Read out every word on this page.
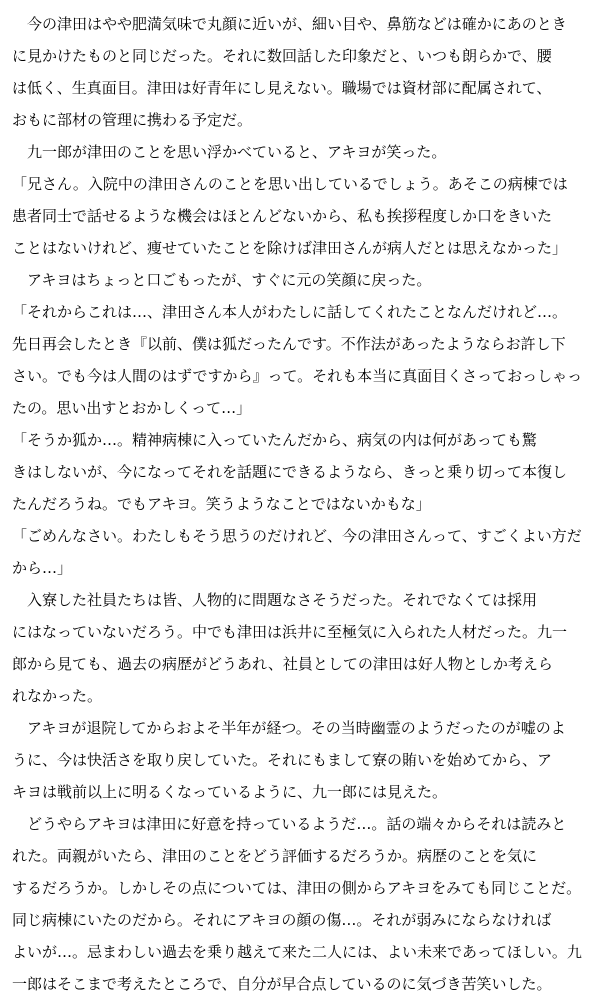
今の津田はやや肥満気味で丸顔に近いが、細い目や、鼻筋などは確かにあのとき
に見かけたものと同じだった。それに数回話した印象だと、いつも朗らかで、腰
は低く、生真面目。津田は好青年にし見えない。職場では資材部に配属されて、
おもに部材の管理に携わる予定だ。
九一郎が津田のことを思い浮かべていると、アキヨが笑った。
「兄さん。入院中の津田さんのことを思い出しているでしょう。あそこの病棟では
患者同士で話せるような機会はほとんどないから、私も挨拶程度しか口をきいた
ことはないけれど、痩せていたことを除けば津田さんが病人だとは思えなかった」
アキヨはちょっと口ごもったが、すぐに元の笑顔に戻った。
「それからこれは…、津田さん本人がわたしに話してくれたことなんだけれど…。
先日再会したとき『以前、僕は狐だったんです。不作法があったようならお許し下
さい。でも今は人間のはずですから』って。それも本当に真面目くさっておっしゃっ
たの。思い出すとおかしくって…」
「そうか狐か…。精神病棟に入っていたんだから、病気の内は何があっても驚
きはしないが、今になってそれを話題にできるようなら、きっと乗り切って本復し
たんだろうね。でもアキヨ。笑うようなことではないかもな」
「ごめんなさい。わたしもそう思うのだけれど、今の津田さんって、すごくよい方だ
から…」
入寮した社員たちは皆、人物的に問題なさそうだった。それでなくては採用
にはなっていないだろう。中でも津田は浜井に至極気に入られた人材だった。九一
郎から見ても、過去の病歴がどうあれ、社員としての津田は好人物としか考えら
れなかった。
アキヨが退院してからおよそ半年が経つ。その当時幽霊のようだったのが嘘のよ
うに、今は快活さを取り戻していた。それにもまして寮の賄いを始めてから、ア
キヨは戦前以上に明るくなっているように、九一郎には見えた。
どうやらアキヨは津田に好意を持っているようだ…。話の端々からそれは読みと
れた。両親がいたら、津田のことをどう評価するだろうか。病歴のことを気に
するだろうか。しかしその点については、津田の側からアキヨをみても同じことだ。
同じ病棟にいたのだから。それにアキヨの顔の傷…。それが弱みにならなければ
よいが…。忌まわしい過去を乗り越えて来た二人には、よい未来であってほしい。九
一郎はそこまで考えたところで、自分が早合点しているのに気づき苦笑いした。
